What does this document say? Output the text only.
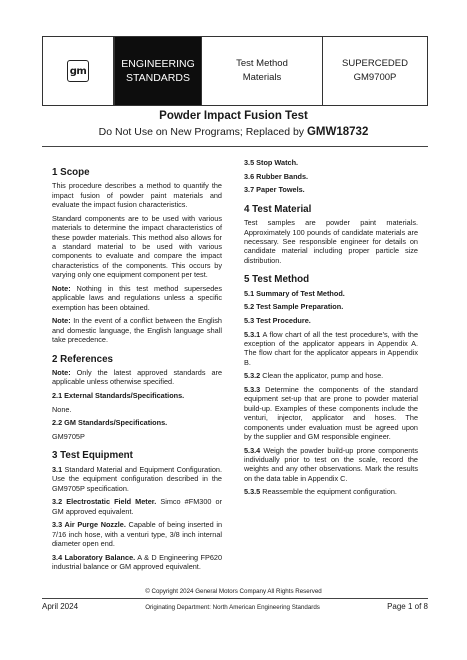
gm
ENGINEERING
STANDARDS
Test Method
Materials
SUPERCEDED
GM9700P
Powder Impact Fusion Test
Do Not Use on New Programs; Replaced by GMW18732
1 Scope

This procedure describes a method to quantify the impact fusion of powder paint materials and evaluate the impact fusion characteristics.

Standard components are to be used with various materials to determine the impact characteristics of these powder materials. This method also allows for a standard material to be used with various components to evaluate and compare the impact characteristics of the components. This occurs by varying only one equipment component per test.

Note: Nothing in this test method supersedes applicable laws and regulations unless a specific exemption has been obtained.

Note: In the event of a conflict between the English and domestic language, the English language shall take precedence.

2 References

Note: Only the latest approved standards are applicable unless otherwise specified.

2.1 External Standards/Specifications.

None.

2.2 GM Standards/Specifications.

GM9705P

3 Test Equipment

3.1 Standard Material and Equipment Configuration. Use the equipment configuration described in the GM9705P specification.

3.2 Electrostatic Field Meter. Simco #FM300 or GM approved equivalent.

3.3 Air Purge Nozzle. Capable of being inserted in 7/16 inch hose, with a venturi type, 3/8 inch internal diameter open end.

3.4 Laboratory Balance. A & D Engineering FP620 industrial balance or GM approved equivalent.

3.5 Stop Watch.
3.6 Rubber Bands.
3.7 Paper Towels.
4 Test Material

Test samples are powder paint materials. Approximately 100 pounds of candidate materials are necessary. See responsible engineer for details on candidate material including proper particle size distribution.

5 Test Method
5.1 Summary of Test Method.
5.2 Test Sample Preparation.
5.3 Test Procedure.

5.3.1 A flow chart of all the test procedure's, with the exception of the applicator appears in Appendix A. The flow chart for the applicator appears in Appendix B.

5.3.2 Clean the applicator, pump and hose.

5.3.3 Determine the components of the standard equipment set-up that are prone to powder material build-up. Examples of these components include the venturi, injector, applicator and hoses. The components under evaluation must be agreed upon by the supplier and GM responsible engineer.

5.3.4 Weigh the powder build-up prone components individually prior to test on the scale, record the weights and any other observations. Mark the results on the data table in Appendix C.

5.3.5 Reassemble the equipment configuration.

© Copyright 2024 General Motors Company All Rights Reserved
April 2024	Originating Department: North American Engineering Standards	Page 1 of 8
